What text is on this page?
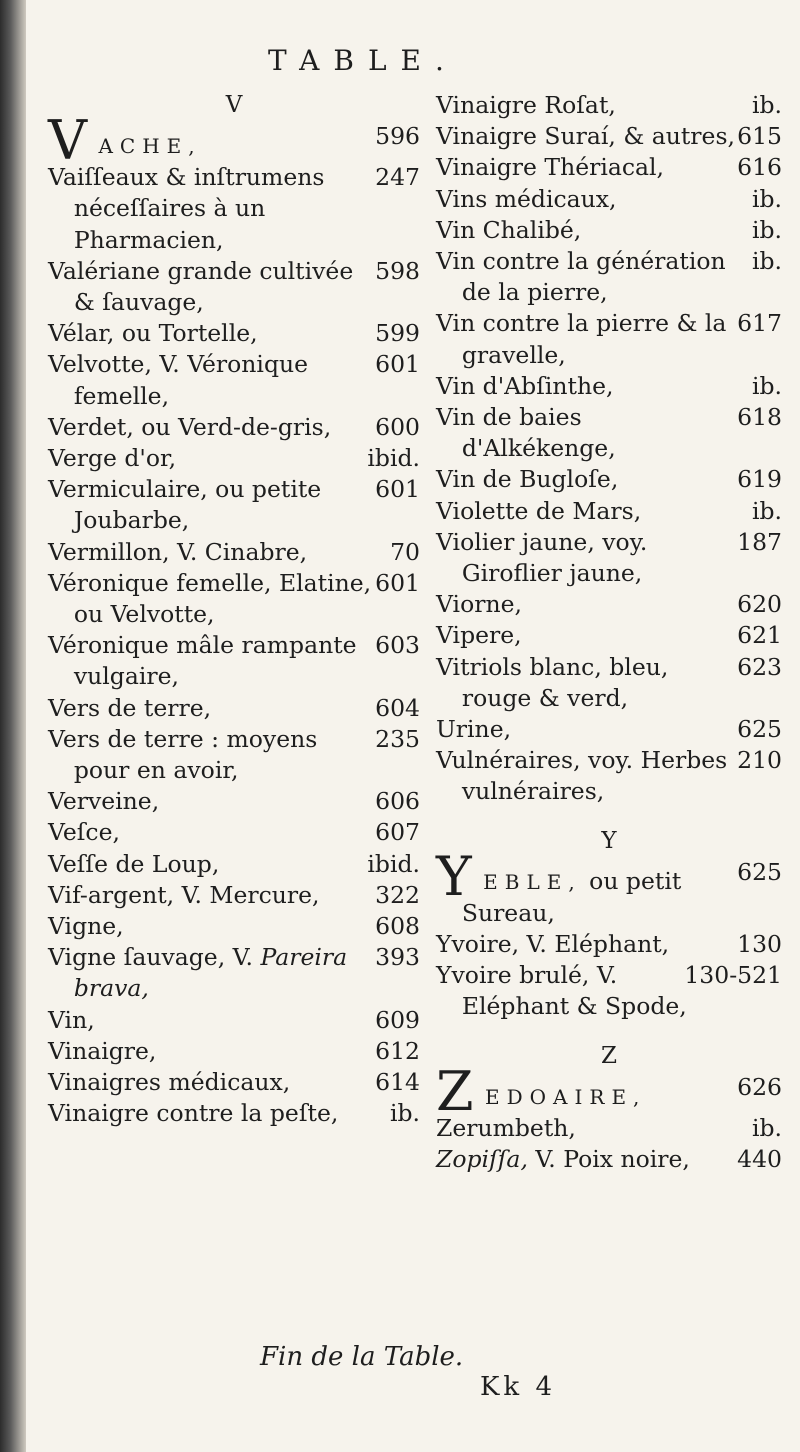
TABLE.
V
596
V ACHE,
247
Vaiſſeaux & inſtrumens néceſſaires à un Pharmacien,
598
Valériane grande cultivée & ſauvage,
599
Vélar, ou Tortelle,
601
Velvotte, V. Véronique femelle,
600
Verdet, ou Verd-de-gris,
ibid.
Verge d'or,
601
Vermiculaire, ou petite Joubarbe,
70
Vermillon, V. Cinabre,
601
Véronique femelle, Elatine, ou Velvotte,
603
Véronique mâle rampante vulgaire,
604
Vers de terre,
235
Vers de terre : moyens pour en avoir,
606
Verveine,
607
Veſce,
ibid.
Veſſe de Loup,
322
Vif-argent, V. Mercure,
608
Vigne,
393
Vigne ſauvage, V. Pareira brava,
609
Vin,
612
Vinaigre,
614
Vinaigres médicaux,
ib.
Vinaigre contre la peſte,
ib.
Vinaigre Roſat,
615
Vinaigre Suraí, & autres,
616
Vinaigre Thériacal,
ib.
Vins médicaux,
ib.
Vin Chalibé,
ib.
Vin contre la génération de la pierre,
617
Vin contre la pierre & la gravelle,
ib.
Vin d'Abſinthe,
618
Vin de baies d'Alkékenge,
619
Vin de Bugloſe,
ib.
Violette de Mars,
187
Violier jaune, voy. Giroflier jaune,
620
Viorne,
621
Vipere,
623
Vitriols blanc, bleu, rouge & verd,
625
Urine,
210
Vulnéraires, voy. Herbes vulnéraires,
Y
625
Y EBLE, ou petit Sureau,
130
Yvoire, V. Eléphant,
130-521
Yvoire brulé, V. Eléphant & Spode,
Z
626
Z EDOAIRE,
ib.
Zerumbeth,
440
Zopiſſa, V. Poix noire,
Fin de la Table.
Kk 4
